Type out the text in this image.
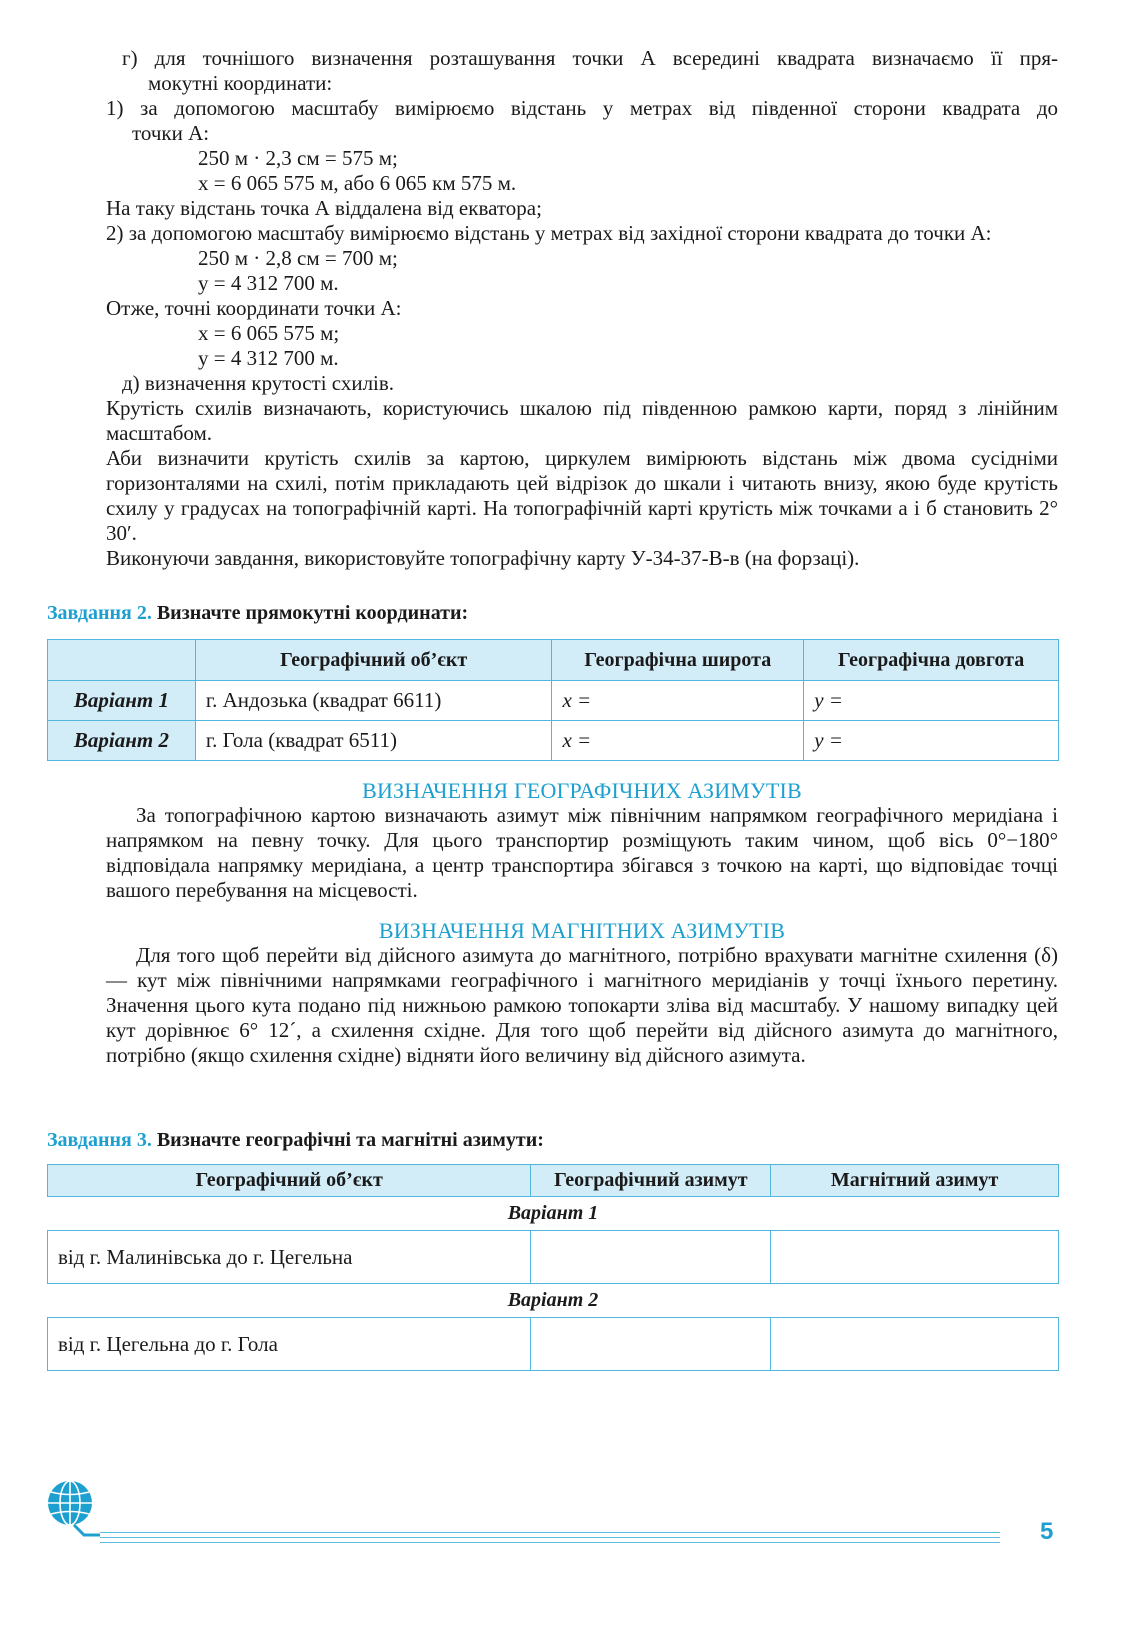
г) для точнішого визначення розташування точки А всередині квадрата визначаємо її пря-

мокутні координати:

1) за допомогою масштабу вимірюємо відстань у метрах від південної сторони квадрата до

точки А:

250 м · 2,3 см = 575 м;

x = 6 065 575 м, або 6 065 км 575 м.

На таку відстань точка А віддалена від екватора;

2) за допомогою масштабу вимірюємо відстань у метрах від західної сторони квадрата до точки А:

250 м · 2,8 см = 700 м;

y = 4 312 700 м.

Отже, точні координати точки А:

x = 6 065 575 м;

y = 4 312 700 м.

д) визначення крутості схилів.

Крутість схилів визначають, користуючись шкалою під південною рамкою карти, поряд з лінійним масштабом.

Аби визначити крутість схилів за картою, циркулем вимірюють відстань між двома сусідніми горизонталями на схилі, потім прикладають цей відрізок до шкали і читають внизу, якою буде крутість схилу у градусах на топографічній карті. На топографічній карті крутість між точками а і б становить 2° 30′.

Виконуючи завдання, використовуйте топографічну карту У-34-37-В-в (на форзаці).

Завдання 2. Визначте прямокутні координати:

	Географічний об’єкт	Географічна широта	Географічна довгота
Варіант 1	г. Андозька (квадрат 6611)	x =	y =
Варіант 2	г. Гола (квадрат 6511)	x =	y =

ВИЗНАЧЕННЯ ГЕОГРАФІЧНИХ АЗИМУТІВ

За топографічною картою визначають азимут між північним напрямком географічного меридіана і напрямком на певну точку. Для цього транспортир розміщують таким чином, щоб вісь 0°−180° відповідала напрямку меридіана, а центр транспортира збігався з точкою на карті, що відповідає точці вашого перебування на місцевості.

ВИЗНАЧЕННЯ МАГНІТНИХ АЗИМУТІВ

Для того щоб перейти від дійсного азимута до магнітного, потрібно врахувати магнітне схилення (δ) — кут між північними напрямками географічного і магнітного меридіанів у точці їхнього перетину. Значення цього кута подано під нижньою рамкою топокарти зліва від масштабу. У нашому випадку цей кут дорівнює 6° 12´, а схилення східне. Для того щоб перейти від дійсного азимута до магнітного, потрібно (якщо схилення східне) відняти його величину від дійсного азимута.

Завдання 3. Визначте географічні та магнітні азимути:

Географічний об’єкт	Географічний азимут	Магнітний азимут
Варіант 1		
від г. Малинівська до г. Цегельна		
Варіант 2		
від г. Цегельна до г. Гола		
5
